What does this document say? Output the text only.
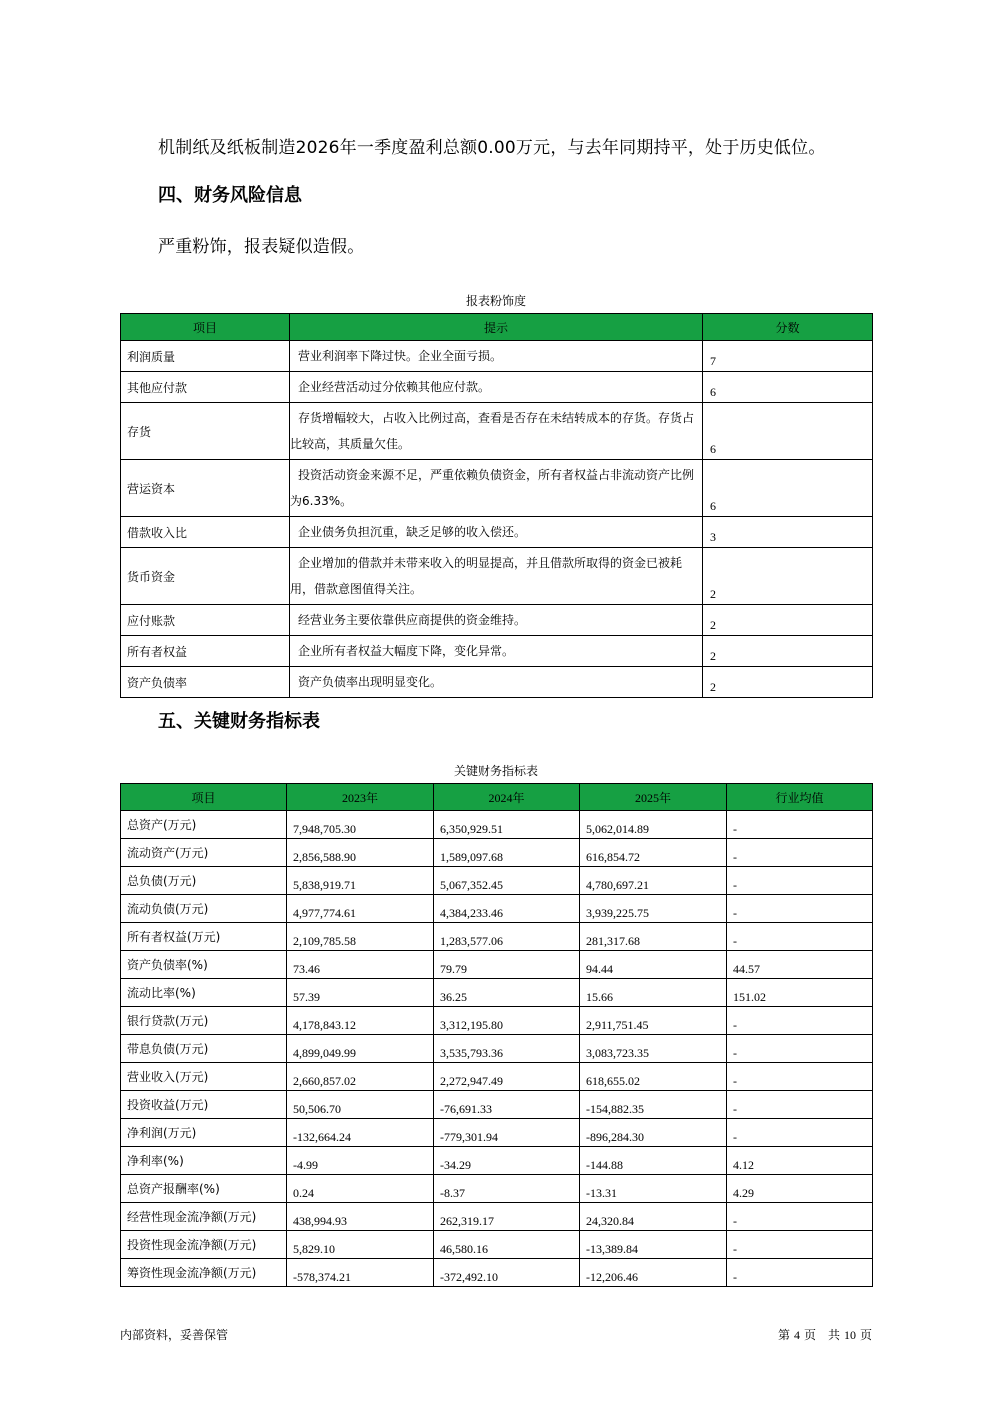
机制纸及纸板制造2026年一季度盈利总额0.00万元，与去年同期持平，处于历史低位。
四、财务风险信息
严重粉饰，报表疑似造假。
报表粉饰度
项目	提示	分数
利润质量	营业利润率下降过快。企业全面亏损。	7
其他应付款	企业经营活动过分依赖其他应付款。	6
存货	存货增幅较大，占收入比例过高，查看是否存在未结转成本的存货。存货占比较高，其质量欠佳。	6
营运资本	投资活动资金来源不足，严重依赖负债资金，所有者权益占非流动资产比例为6.33%。	6
借款收入比	企业债务负担沉重，缺乏足够的收入偿还。	3
货币资金	企业增加的借款并未带来收入的明显提高，并且借款所取得的资金已被耗用，借款意图值得关注。	2
应付账款	经营业务主要依靠供应商提供的资金维持。	2
所有者权益	企业所有者权益大幅度下降，变化异常。	2
资产负债率	资产负债率出现明显变化。	2
五、关键财务指标表
关键财务指标表
项目	2023年	2024年	2025年	行业均值
总资产(万元)	7,948,705.30	6,350,929.51	5,062,014.89	-
流动资产(万元)	2,856,588.90	1,589,097.68	616,854.72	-
总负债(万元)	5,838,919.71	5,067,352.45	4,780,697.21	-
流动负债(万元)	4,977,774.61	4,384,233.46	3,939,225.75	-
所有者权益(万元)	2,109,785.58	1,283,577.06	281,317.68	-
资产负债率(%)	73.46	79.79	94.44	44.57
流动比率(%)	57.39	36.25	15.66	151.02
银行贷款(万元)	4,178,843.12	3,312,195.80	2,911,751.45	-
带息负债(万元)	4,899,049.99	3,535,793.36	3,083,723.35	-
营业收入(万元)	2,660,857.02	2,272,947.49	618,655.02	-
投资收益(万元)	50,506.70	-76,691.33	-154,882.35	-
净利润(万元)	-132,664.24	-779,301.94	-896,284.30	-
净利率(%)	-4.99	-34.29	-144.88	4.12
总资产报酬率(%)	0.24	-8.37	-13.31	4.29
经营性现金流净额(万元)	438,994.93	262,319.17	24,320.84	-
投资性现金流净额(万元)	5,829.10	46,580.16	-13,389.84	-
筹资性现金流净额(万元)	-578,374.21	-372,492.10	-12,206.46	-
内部资料，妥善保管	第 4 页　共 10 页
